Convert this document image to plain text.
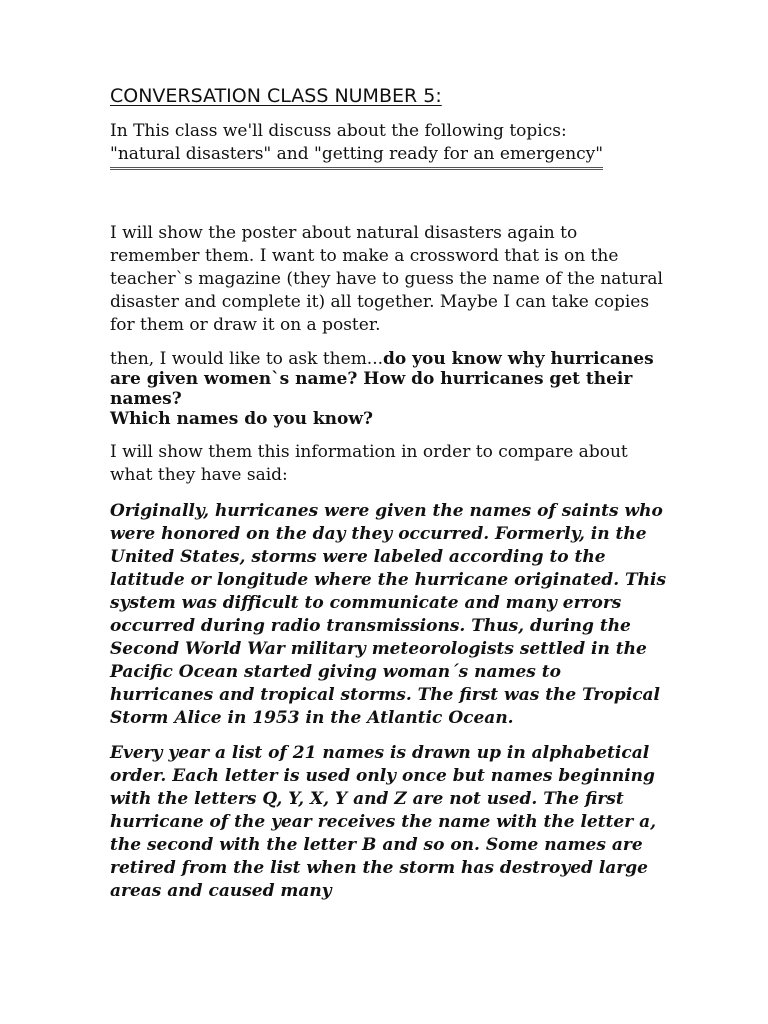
CONVERSATION CLASS NUMBER 5:
In This class we'll discuss about the following topics:
"natural disasters" and "getting ready for an emergency"

I will show the poster about natural disasters again to remember them. I want to make a crossword that is on the teacher`s magazine (they have to guess the name of the natural disaster and complete it) all together. Maybe I can take copies for them or draw it on a poster.

then, I would like to ask them...do you know why hurricanes are given women`s name? How do hurricanes get their names?
Which names do you know?

I will show them this information in order to compare about what they have said:

Originally, hurricanes were given the names of saints who were honored on the day they occurred. Formerly, in the United States, storms were labeled according to the latitude or longitude where the hurricane originated. This system was difficult to communicate and many errors occurred during radio transmissions. Thus, during the Second World War military meteorologists settled in the Pacific Ocean started giving woman´s names to hurricanes and tropical storms. The first was the Tropical Storm Alice in 1953 in the Atlantic Ocean.

Every year a list of 21 names is drawn up in alphabetical order. Each letter is used only once but names beginning with the letters Q, Y, X, Y and Z are not used. The first hurricane of the year receives the name with the letter a, the second with the letter B and so on. Some names are retired from the list when the storm has destroyed large areas and caused many
